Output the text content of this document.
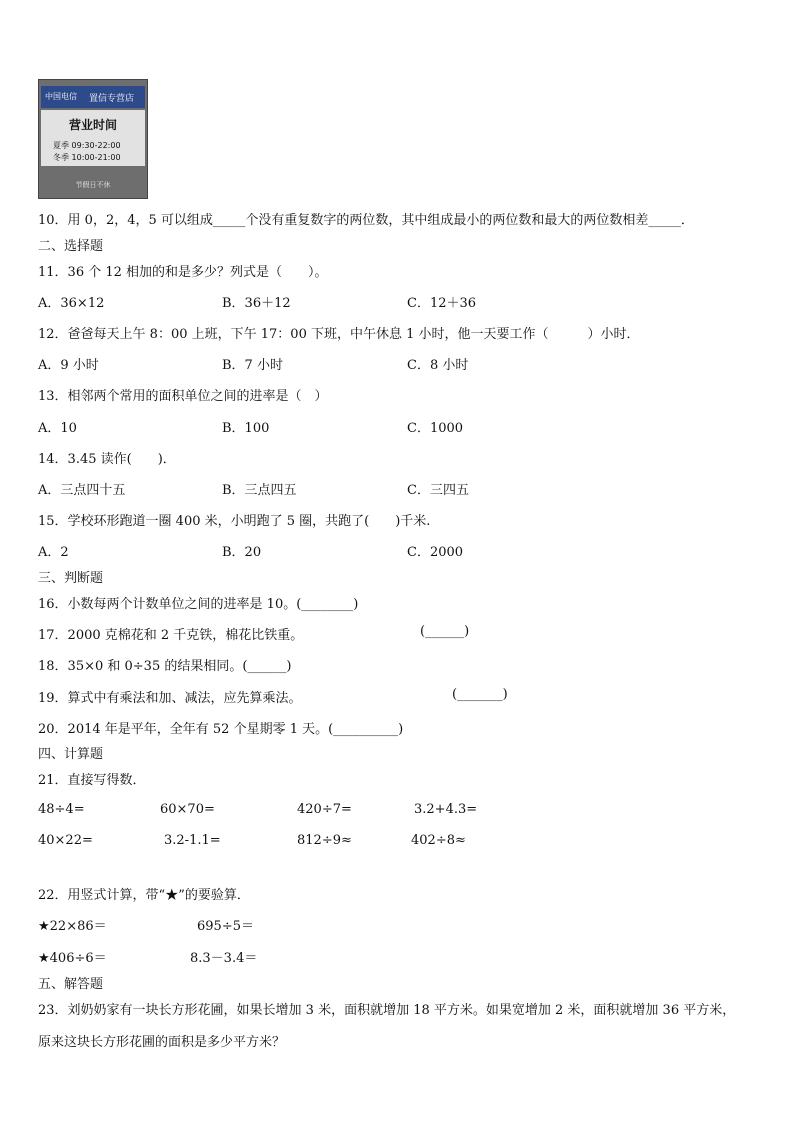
中国电信 置信专营店
营业时间
夏季 09:30-22:00
冬季 10:00-21:00
节假日不休
10．用 0，2，4，5 可以组成_____个没有重复数字的两位数，其中组成最小的两位数和最大的两位数相差_____．
二、选择题
11．36 个 12 相加的和是多少？列式是（　　）。
A．36×12	B．36＋12	C．12＋36
12．爸爸每天上午 8：00 上班，下午 17：00 下班，中午休息 1 小时，他一天要工作（　　　）小时．
A．9 小时	B．7 小时	C．8 小时
13．相邻两个常用的面积单位之间的进率是（　）
A．10	B．100	C．1000
14．3.45 读作(　　)．
A．三点四十五	B．三点四五	C．三四五
15．学校环形跑道一圈 400 米，小明跑了 5 圈，共跑了(　　)千米.
A．2	B．20	C．2000
三、判断题
16．小数每两个计数单位之间的进率是 10。(________)
17．2000 克棉花和 2 千克铁，棉花比铁重。	(______)
18．35×0 和 0÷35 的结果相同。(______)
19．算式中有乘法和加、减法，应先算乘法。	(_______)
20．2014 年是平年，全年有 52 个星期零 1 天。(__________)
四、计算题
21．直接写得数．
48÷4=	60×70=	420÷7=	3.2+4.3=
40×22=	3.2-1.1=	812÷9≈	402÷8≈
22．用竖式计算，带“★”的要验算．
★22×86＝	695÷5＝
★406÷6＝	8.3－3.4＝
五、解答题
23．刘奶奶家有一块长方形花圃，如果长增加 3 米，面积就增加 18 平方米。如果宽增加 2 米，面积就增加 36 平方米，
原来这块长方形花圃的面积是多少平方米？
